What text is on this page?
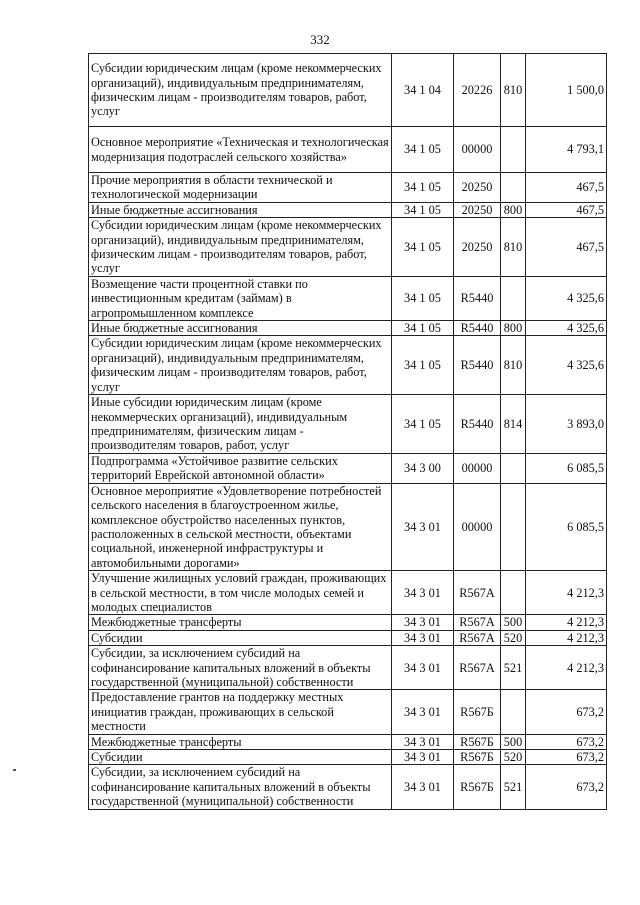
332
Субсидии юридическим лицам (кроме некоммерческих организаций), индивидуальным предпринимателям, физическим лицам - производителям товаров, работ, услуг	34 1 04	20226	810	1 500,0
Основное мероприятие «Техническая и технологическая модернизация подотраслей сельского хозяйства»	34 1 05	00000		4 793,1
Прочие мероприятия в области технической и технологической модернизации	34 1 05	20250		467,5
Иные бюджетные ассигнования	34 1 05	20250	800	467,5
Субсидии юридическим лицам (кроме некоммерческих организаций), индивидуальным предпринимателям, физическим лицам - производителям товаров, работ, услуг	34 1 05	20250	810	467,5
Возмещение части процентной ставки по инвестиционным кредитам (займам) в агропромышленном комплексе	34 1 05	R5440		4 325,6
Иные бюджетные ассигнования	34 1 05	R5440	800	4 325,6
Субсидии юридическим лицам (кроме некоммерческих организаций), индивидуальным предпринимателям, физическим лицам - производителям товаров, работ, услуг	34 1 05	R5440	810	4 325,6
Иные субсидии юридическим лицам (кроме некоммерческих организаций), индивидуальным предпринимателям, физическим лицам - производителям товаров, работ, услуг	34 1 05	R5440	814	3 893,0
Подпрограмма «Устойчивое развитие сельских территорий Еврейской автономной области»	34 3 00	00000		6 085,5
Основное мероприятие «Удовлетворение потребностей сельского населения в благоустроенном жилье, комплексное обустройство населенных пунктов, расположенных в сельской местности, объектами социальной, инженерной инфраструктуры и автомобильными дорогами»	34 3 01	00000		6 085,5
Улучшение жилищных условий граждан, проживающих в сельской местности, в том числе молодых семей и молодых специалистов	34 3 01	R567A		4 212,3
Межбюджетные трансферты	34 3 01	R567A	500	4 212,3
Субсидии	34 3 01	R567A	520	4 212,3
Субсидии, за исключением субсидий на софинансирование капитальных вложений в объекты государственной (муниципальной) собственности	34 3 01	R567A	521	4 212,3
Предоставление грантов на поддержку местных инициатив граждан, проживающих в сельской местности	34 3 01	R567Б		673,2
Межбюджетные трансферты	34 3 01	R567Б	500	673,2
Субсидии	34 3 01	R567Б	520	673,2
Субсидии, за исключением субсидий на софинансирование капитальных вложений в объекты государственной (муниципальной) собственности	34 3 01	R567Б	521	673,2
